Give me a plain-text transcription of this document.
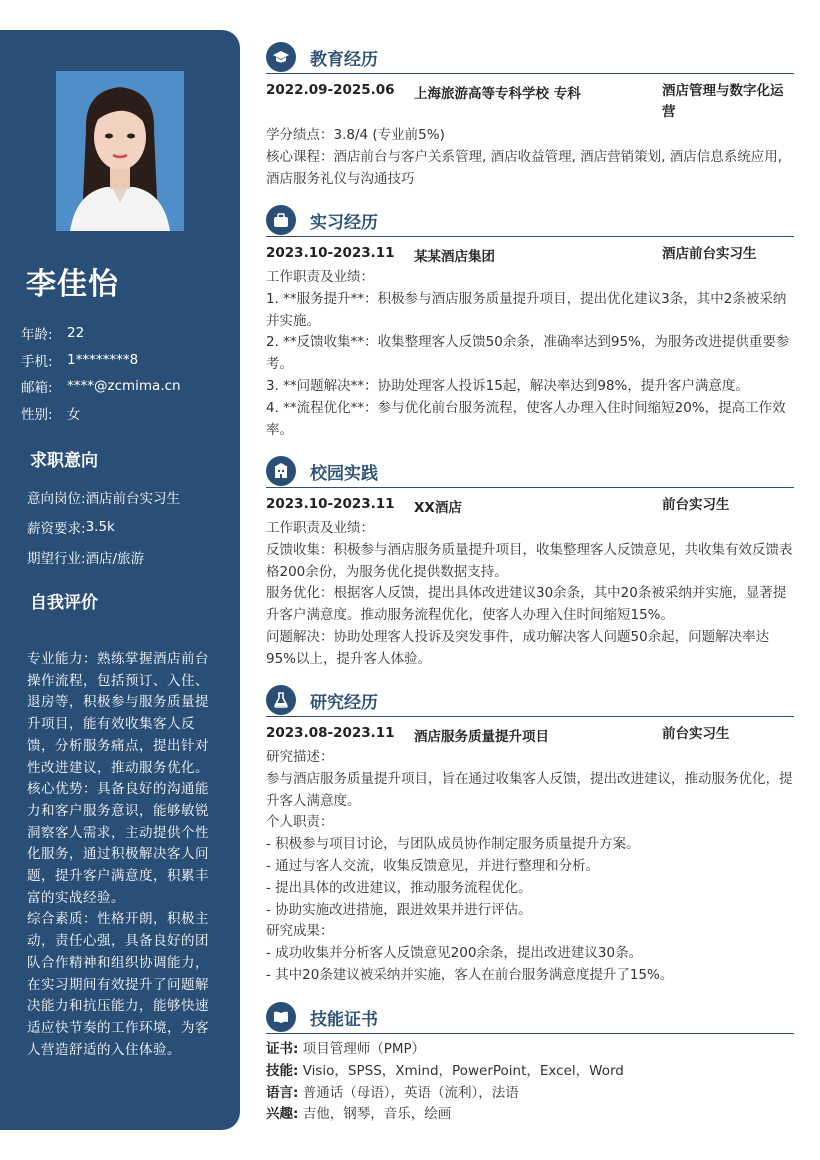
李佳怡
年龄:	22
手机:	1********8
邮箱:	****@zcmima.cn
性别:	女
求职意向
意向岗位: 酒店前台实习生
薪资要求: 3.5k
期望行业: 酒店/旅游
自我评价

专业能力：熟练掌握酒店前台操作流程，包括预订、入住、退房等，积极参与服务质量提升项目，能有效收集客人反馈，分析服务痛点，提出针对性改进建议，推动服务优化。

核心优势：具备良好的沟通能力和客户服务意识，能够敏锐洞察客人需求，主动提供个性化服务，通过积极解决客人问题，提升客户满意度，积累丰富的实战经验。

综合素质：性格开朗，积极主动，责任心强，具备良好的团队合作精神和组织协调能力，在实习期间有效提升了问题解决能力和抗压能力，能够快速适应快节奏的工作环境，为客人营造舒适的入住体验。

教育经历
2022.09-2025.06 上海旅游高等专科学校 专科	酒店管理与数字化运营

学分绩点：3.8/4 (专业前5%)

核心课程：酒店前台与客户关系管理, 酒店收益管理, 酒店营销策划, 酒店信息系统应用, 酒店服务礼仪与沟通技巧

实习经历
2023.10-2023.11 某某酒店集团	酒店前台实习生

工作职责及业绩：

1. **服务提升**：积极参与酒店服务质量提升项目，提出优化建议3条，其中2条被采纳并实施。

2. **反馈收集**：收集整理客人反馈50余条，准确率达到95%，为服务改进提供重要参考。

3. **问题解决**：协助处理客人投诉15起，解决率达到98%，提升客户满意度。

4. **流程优化**：参与优化前台服务流程，使客人办理入住时间缩短20%，提高工作效率。

校园实践
2023.10-2023.11 XX酒店	前台实习生

工作职责及业绩：

反馈收集：积极参与酒店服务质量提升项目，收集整理客人反馈意见，共收集有效反馈表格200余份，为服务优化提供数据支持。

服务优化：根据客人反馈，提出具体改进建议30余条，其中20条被采纳并实施，显著提升客户满意度。推动服务流程优化，使客人办理入住时间缩短15%。

问题解决：协助处理客人投诉及突发事件，成功解决客人问题50余起，问题解决率达95%以上，提升客人体验。

研究经历
2023.08-2023.11 酒店服务质量提升项目	前台实习生

研究描述：

参与酒店服务质量提升项目，旨在通过收集客人反馈，提出改进建议，推动服务优化，提升客人满意度。

个人职责：

- 积极参与项目讨论，与团队成员协作制定服务质量提升方案。

- 通过与客人交流，收集反馈意见，并进行整理和分析。

- 提出具体的改进建议，推动服务流程优化。

- 协助实施改进措施，跟进效果并进行评估。

研究成果：

- 成功收集并分析客人反馈意见200余条，提出改进建议30条。

- 其中20条建议被采纳并实施，客人在前台服务满意度提升了15%。

技能证书
证书: 项目管理师（PMP）
技能: Visio，SPSS，Xmind，PowerPoint，Excel，Word
语言: 普通话（母语），英语（流利），法语
兴趣: 吉他，钢琴，音乐，绘画
